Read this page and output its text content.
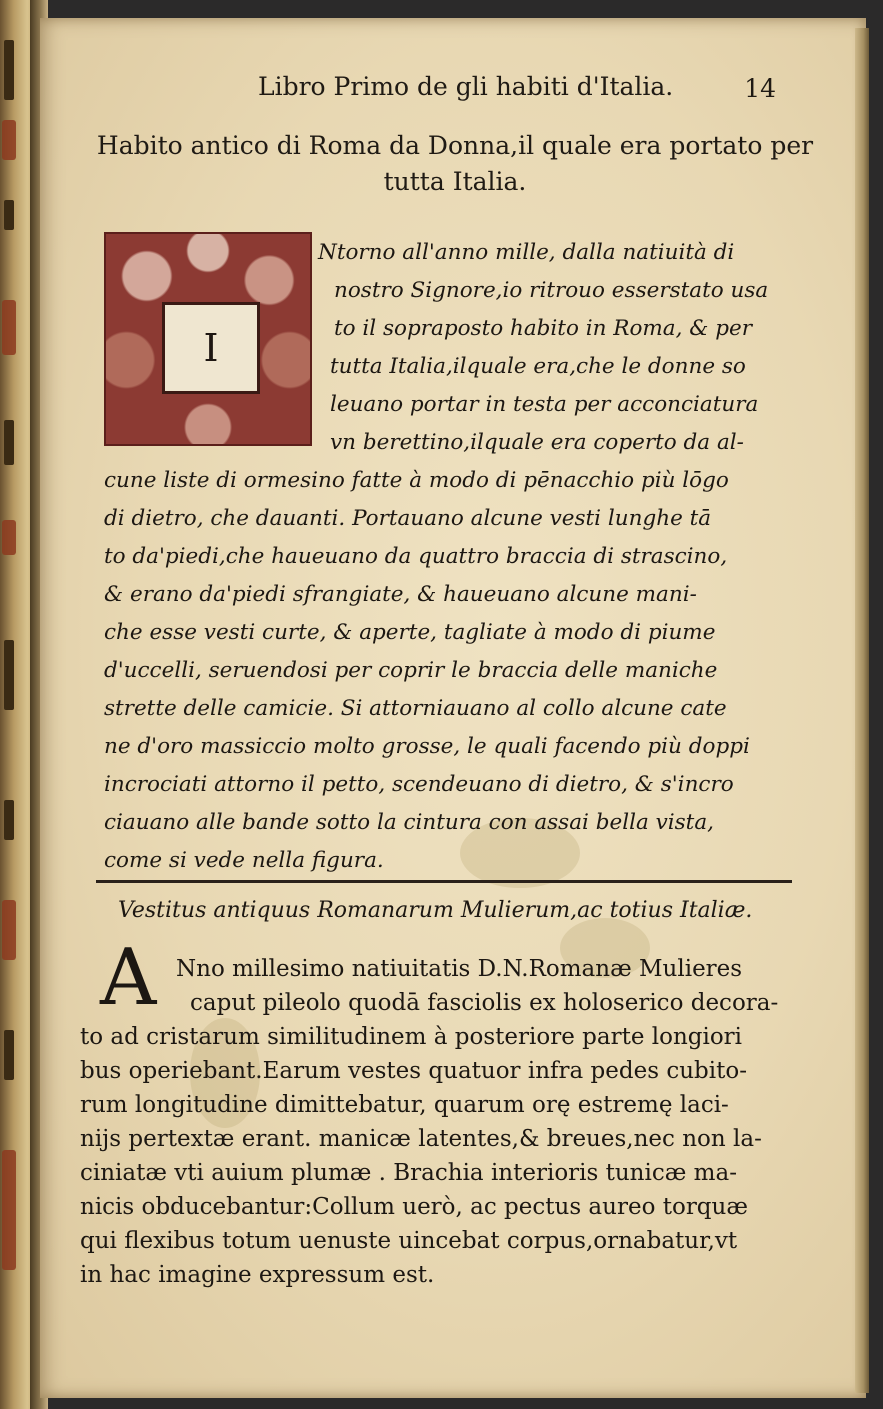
Libro Primo de gli habiti d'Italia.	14
Habito antico di Roma da Donna,il quale era portato per tutta Italia.
I
Ntorno all'anno mille, dalla natiuità di
nostro Signore,io ritrouo esserstato usa
to il sopraposto habito in Roma, & per
tutta Italia,ilquale era,che le donne so
leuano portar in testa per acconciatura
vn berettino,ilquale era coperto da al-
cune liste di ormesino fatte à modo di pēnacchio più lōgo
di dietro, che dauanti. Portauano alcune vesti lunghe tā
to da'piedi,che haueuano da quattro braccia di strascino,
& erano da'piedi sfrangiate, & haueuano alcune mani-
che esse vesti curte, & aperte, tagliate à modo di piume
d'uccelli, seruendosi per coprir le braccia delle maniche
strette delle camicie. Si attorniauano al collo alcune cate
ne d'oro massiccio molto grosse, le quali facendo più doppi
incrociati attorno il petto, scendeuano di dietro, & s'incro
ciauano alle bande sotto la cintura con assai bella vista,
come si vede nella figura.
Vestitus antiquus Romanarum Mulierum,ac totius Italiæ.
A Nno millesimo natiuitatis D.N.Romanæ Mulieres
caput pileolo quodā fasciolis ex holoserico decora-
to ad cristarum similitudinem à posteriore parte longiori
bus operiebant.Earum vestes quatuor infra pedes cubito-
rum longitudine dimittebatur, quarum orę estremę laci-
nijs pertextæ erant. manicæ latentes,& breues,nec non la-
ciniatæ vti auium plumæ . Brachia interioris tunicæ ma-
nicis obducebantur:Collum uerò, ac pectus aureo torquæ
qui flexibus totum uenuste uincebat corpus,ornabatur,vt
in hac imagine expressum est.
